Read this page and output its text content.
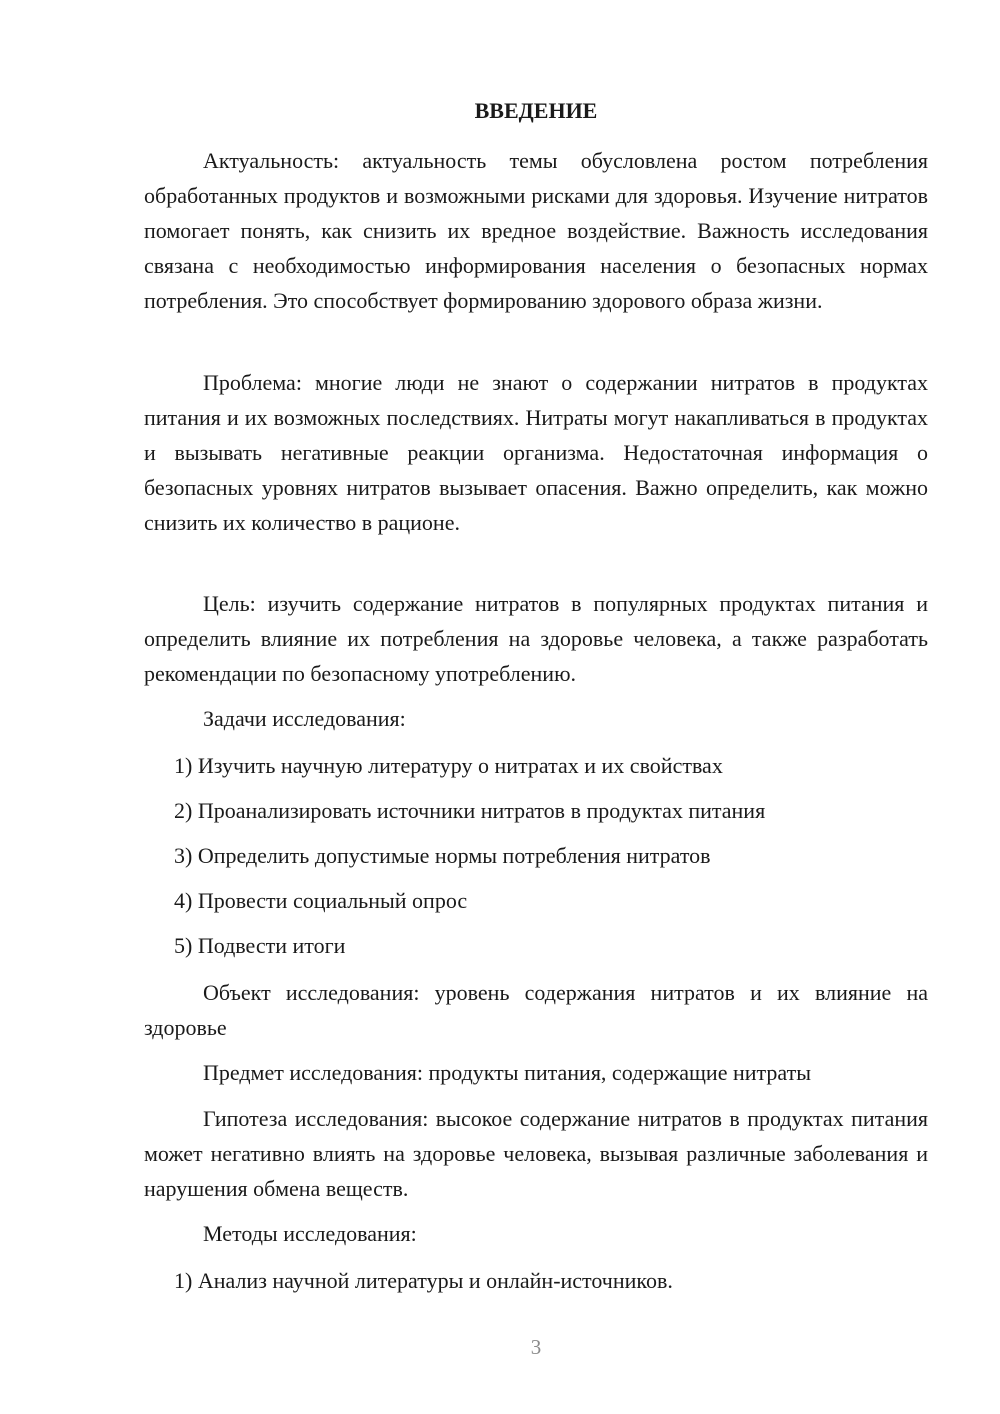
ВВЕДЕНИЕ

Актуальность: актуальность темы обусловлена ростом потребления обработанных продуктов и возможными рисками для здоровья. Изучение нитратов помогает понять, как снизить их вредное воздействие. Важность исследования связана с необходимостью информирования населения о безопасных нормах потребления. Это способствует формированию здорового образа жизни.

Проблема: многие люди не знают о содержании нитратов в продуктах питания и их возможных последствиях. Нитраты могут накапливаться в продуктах и вызывать негативные реакции организма. Недостаточная информация о безопасных уровнях нитратов вызывает опасения. Важно определить, как можно снизить их количество в рационе.

Цель: изучить содержание нитратов в популярных продуктах питания и определить влияние их потребления на здоровье человека, а также разработать рекомендации по безопасному употреблению.

Задачи исследования:

1) Изучить научную литературу о нитратах и их свойствах

2) Проанализировать источники нитратов в продуктах питания

3) Определить допустимые нормы потребления нитратов

4) Провести социальный опрос

5) Подвести итоги

Объект исследования: уровень содержания нитратов и их влияние на здоровье

Предмет исследования: продукты питания, содержащие нитраты

Гипотеза исследования: высокое содержание нитратов в продуктах питания может негативно влиять на здоровье человека, вызывая различные заболевания и нарушения обмена веществ.

Методы исследования:

1) Анализ научной литературы и онлайн-источников.

3
